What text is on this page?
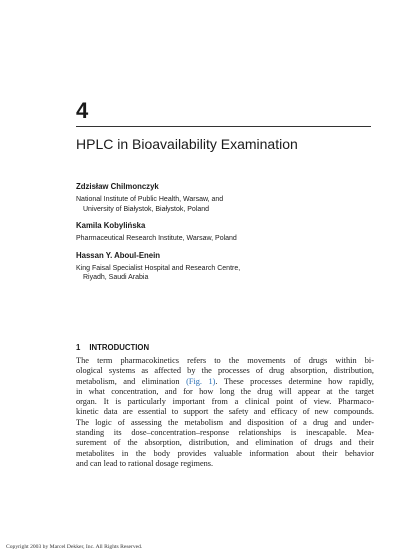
4
HPLC in Bioavailability Examination
Zdzisław Chilmonczyk
National Institute of Public Health, Warsaw, and
University of Białystok, Białystok, Poland
Kamila Kobylińska
Pharmaceutical Research Institute, Warsaw, Poland
Hassan Y. Aboul-Enein
King Faisal Specialist Hospital and Research Centre,
Riyadh, Saudi Arabia
1 INTRODUCTION
The term pharmacokinetics refers to the movements of drugs within bi-
ological systems as affected by the processes of drug absorption, distribution,
metabolism, and elimination (Fig. 1). These processes determine how rapidly,
in what concentration, and for how long the drug will appear at the target
organ. It is particularly important from a clinical point of view. Pharmaco-
kinetic data are essential to support the safety and efficacy of new compounds.
The logic of assessing the metabolism and disposition of a drug and under-
standing its dose–concentration–response relationships is inescapable. Mea-
surement of the absorption, distribution, and elimination of drugs and their
metabolites in the body provides valuable information about their behavior
and can lead to rational dosage regimens.
Copyright 2003 by Marcel Dekker, Inc. All Rights Reserved.
